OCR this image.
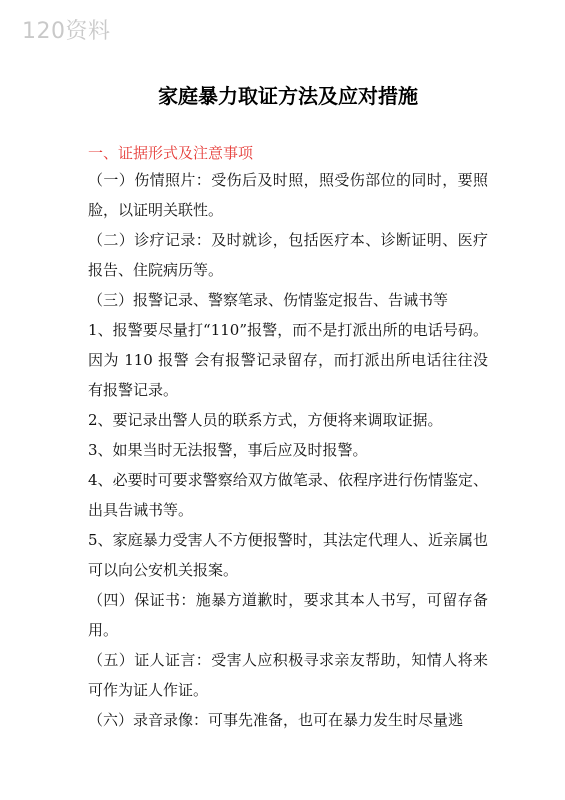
120资料
家庭暴力取证方法及应对措施
一、证据形式及注意事项
（一）伤情照片：受伤后及时照，照受伤部位的同时，要照脸，以证明关联性。
（二）诊疗记录：及时就诊，包括医疗本、诊断证明、医疗报告、住院病历等。
（三）报警记录、警察笔录、伤情鉴定报告、告诫书等
1、报警要尽量打“110”报警，而不是打派出所的电话号码。因为 110 报警 会有报警记录留存，而打派出所电话往往没有报警记录。
2、要记录出警人员的联系方式，方便将来调取证据。
3、如果当时无法报警，事后应及时报警。
4、必要时可要求警察给双方做笔录、依程序进行伤情鉴定、出具告诫书等。
5、家庭暴力受害人不方便报警时，其法定代理人、近亲属也可以向公安机关报案。
（四）保证书：施暴方道歉时，要求其本人书写，可留存备用。
（五）证人证言：受害人应积极寻求亲友帮助，知情人将来可作为证人作证。
（六）录音录像：可事先准备，也可在暴力发生时尽量逃
